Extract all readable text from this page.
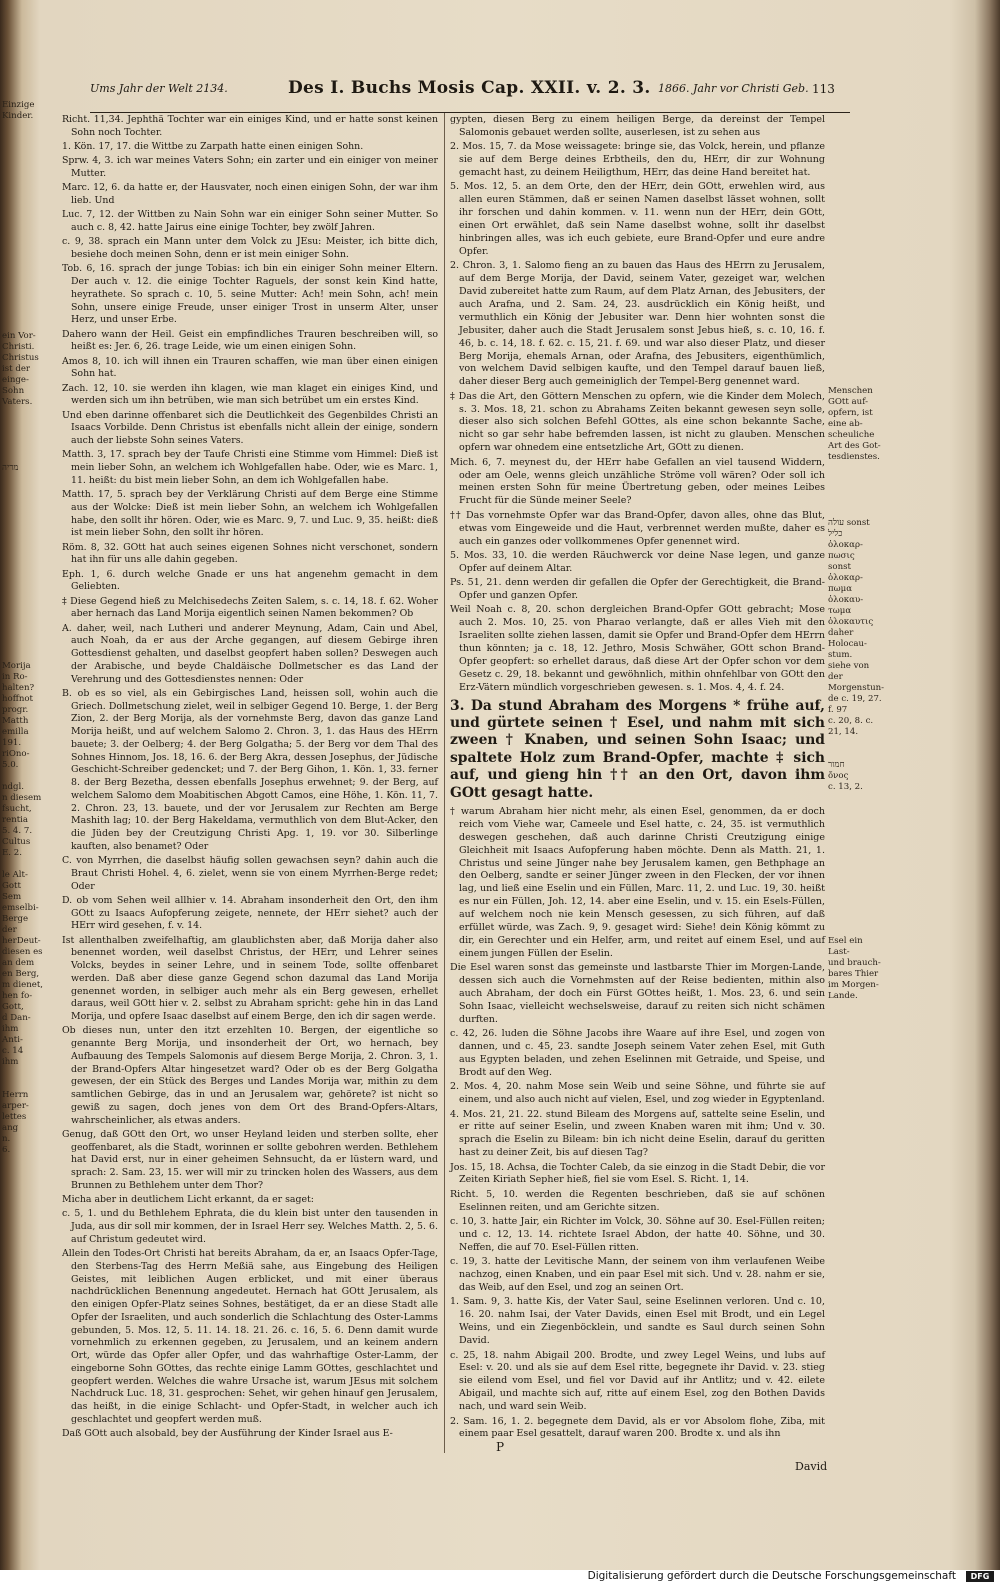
Ums Jahr der Welt 2134.	Des I. Buchs Mosis Cap. XXII. v. 2. 3. 1866. Jahr vor Christi Geb. 113
Einzige
Kinder.
ein Vor-
Christi.
Christus
ist der
einge-
Sohn
Vaters.
מריה
Morija
in Ro-
halten?
hoffnot
progr.
Matth
emilla
191.
riOno-
5.0.
ndgl.
n diesem
fsucht,
rentia
5. 4. 7.
Cultus
E. 2.
le Alt-
Gott
Sem
emselbi-
Berge
der
herDeut-
diesen es
an dem
en Berg,
m dienet,
hen fo-
Gott,
d Dan-
ihm
Anti-
c. 14
ihm
Herrn
arper-
lettes
ang
n.
6.

Richt. 11,34. Jephthä Tochter war ein einiges Kind, und er hatte sonst keinen Sohn noch Tochter.

1. Kön. 17, 17. die Wittbe zu Zarpath hatte einen einigen Sohn.

Sprw. 4, 3. ich war meines Vaters Sohn; ein zarter und ein einiger von meiner Mutter.

Marc. 12, 6. da hatte er, der Hausvater, noch einen einigen Sohn, der war ihm lieb. Und

Luc. 7, 12. der Wittben zu Nain Sohn war ein einiger Sohn seiner Mutter. So auch c. 8, 42. hatte Jairus eine einige Tochter, bey zwölf Jahren.

c. 9, 38. sprach ein Mann unter dem Volck zu JEsu: Meister, ich bitte dich, besiehe doch meinen Sohn, denn er ist mein einiger Sohn.

Tob. 6, 16. sprach der junge Tobias: ich bin ein einiger Sohn meiner Eltern. Der auch v. 12. die einige Tochter Raguels, der sonst kein Kind hatte, heyrathete. So sprach c. 10, 5. seine Mutter: Ach! mein Sohn, ach! mein Sohn, unsere einige Freude, unser einiger Trost in unserm Alter, unser Herz, und unser Erbe.

Dahero wann der Heil. Geist ein empfindliches Trauren beschreiben will, so heißt es: Jer. 6, 26. trage Leide, wie um einen einigen Sohn.

Amos 8, 10. ich will ihnen ein Trauren schaffen, wie man über einen einigen Sohn hat.

Zach. 12, 10. sie werden ihn klagen, wie man klaget ein einiges Kind, und werden sich um ihn betrüben, wie man sich betrübet um ein erstes Kind.

Und eben darinne offenbaret sich die Deutlichkeit des Gegenbildes Christi an Isaacs Vorbilde. Denn Christus ist ebenfalls nicht allein der einige, sondern auch der liebste Sohn seines Vaters.

Matth. 3, 17. sprach bey der Taufe Christi eine Stimme vom Himmel: Dieß ist mein lieber Sohn, an welchem ich Wohlgefallen habe. Oder, wie es Marc. 1, 11. heißt: du bist mein lieber Sohn, an dem ich Wohlgefallen habe.

Matth. 17, 5. sprach bey der Verklärung Christi auf dem Berge eine Stimme aus der Wolcke: Dieß ist mein lieber Sohn, an welchem ich Wohlgefallen habe, den sollt ihr hören. Oder, wie es Marc. 9, 7. und Luc. 9, 35. heißt: dieß ist mein lieber Sohn, den sollt ihr hören.

Röm. 8, 32. GOtt hat auch seines eigenen Sohnes nicht verschonet, sondern hat ihn für uns alle dahin gegeben.

Eph. 1, 6. durch welche Gnade er uns hat angenehm gemacht in dem Geliebten.

‡ Diese Gegend hieß zu Melchisedechs Zeiten Salem, s. c. 14, 18. f. 62. Woher aber hernach das Land Morija eigentlich seinen Namen bekommen? Ob

A. daher, weil, nach Lutheri und anderer Meynung, Adam, Cain und Abel, auch Noah, da er aus der Arche gegangen, auf diesem Gebirge ihren Gottesdienst gehalten, und daselbst geopfert haben sollen? Deswegen auch der Arabische, und beyde Chaldäische Dollmetscher es das Land der Verehrung und des Gottesdienstes nennen: Oder

B. ob es so viel, als ein Gebirgisches Land, heissen soll, wohin auch die Griech. Dollmetschung zielet, weil in selbiger Gegend 10. Berge, 1. der Berg Zion, 2. der Berg Morija, als der vornehmste Berg, davon das ganze Land Morija heißt, und auf welchem Salomo 2. Chron. 3, 1. das Haus des HErrn bauete; 3. der Oelberg; 4. der Berg Golgatha; 5. der Berg vor dem Thal des Sohnes Hinnom, Jos. 18, 16. 6. der Berg Akra, dessen Josephus, der Jüdische Geschicht-Schreiber gedencket; und 7. der Berg Gihon, 1. Kön. 1, 33. ferner 8. der Berg Bezetha, dessen ebenfalls Josephus erwehnet; 9. der Berg, auf welchem Salomo dem Moabitischen Abgott Camos, eine Höhe, 1. Kön. 11, 7. 2. Chron. 23, 13. bauete, und der vor Jerusalem zur Rechten am Berge Mashith lag; 10. der Berg Hakeldama, vermuthlich von dem Blut-Acker, den die Jüden bey der Creutzigung Christi Apg. 1, 19. vor 30. Silberlinge kauften, also benamet? Oder

C. von Myrrhen, die daselbst häufig sollen gewachsen seyn? dahin auch die Braut Christi Hohel. 4, 6. zielet, wenn sie von einem Myrrhen-Berge redet; Oder

D. ob vom Sehen weil allhier v. 14. Abraham insonderheit den Ort, den ihm GOtt zu Isaacs Aufopferung zeigete, nennete, der HErr siehet? auch der HErr wird gesehen, f. v. 14.

Ist allenthalben zweifelhaftig, am glaublichsten aber, daß Morija daher also benennet worden, weil daselbst Christus, der HErr, und Lehrer seines Volcks, beydes in seiner Lehre, und in seinem Tode, sollte offenbaret werden. Daß aber diese ganze Gegend schon dazumal das Land Morija genennet worden, in selbiger auch mehr als ein Berg gewesen, erhellet daraus, weil GOtt hier v. 2. selbst zu Abraham spricht: gehe hin in das Land Morija, und opfere Isaac daselbst auf einem Berge, den ich dir sagen werde.

Ob dieses nun, unter den itzt erzehlten 10. Bergen, der eigentliche so genannte Berg Morija, und insonderheit der Ort, wo hernach, bey Aufbauung des Tempels Salomonis auf diesem Berge Morija, 2. Chron. 3, 1. der Brand-Opfers Altar hingesetzet ward? Oder ob es der Berg Golgatha gewesen, der ein Stück des Berges und Landes Morija war, mithin zu dem samtlichen Gebirge, das in und an Jerusalem war, gehörete? ist nicht so gewiß zu sagen, doch jenes von dem Ort des Brand-Opfers-Altars, wahrscheinlicher, als etwas anders.

Genug, daß GOtt den Ort, wo unser Heyland leiden und sterben sollte, eher geoffenbaret, als die Stadt, worinnen er sollte gebohren werden. Bethlehem hat David erst, nur in einer geheimen Sehnsucht, da er lüstern ward, und sprach: 2. Sam. 23, 15. wer will mir zu trincken holen des Wassers, aus dem Brunnen zu Bethlehem unter dem Thor?

Micha aber in deutlichem Licht erkannt, da er saget:

c. 5, 1. und du Bethlehem Ephrata, die du klein bist unter den tausenden in Juda, aus dir soll mir kommen, der in Israel Herr sey. Welches Matth. 2, 5. 6. auf Christum gedeutet wird.

Allein den Todes-Ort Christi hat bereits Abraham, da er, an Isaacs Opfer-Tage, den Sterbens-Tag des Herrn Meßiä sahe, aus Eingebung des Heiligen Geistes, mit leiblichen Augen erblicket, und mit einer überaus nachdrücklichen Benennung angedeutet. Hernach hat GOtt Jerusalem, als den einigen Opfer-Platz seines Sohnes, bestätiget, da er an diese Stadt alle Opfer der Israeliten, und auch sonderlich die Schlachtung des Oster-Lamms gebunden, 5. Mos. 12, 5. 11. 14. 18. 21. 26. c. 16, 5. 6. Denn damit wurde vornehmlich zu erkennen gegeben, zu Jerusalem, und an keinem andern Ort, würde das Opfer aller Opfer, und das wahrhaftige Oster-Lamm, der eingeborne Sohn GOttes, das rechte einige Lamm GOttes, geschlachtet und geopfert werden. Welches die wahre Ursache ist, warum JEsus mit solchem Nachdruck Luc. 18, 31. gesprochen: Sehet, wir gehen hinauf gen Jerusalem, das heißt, in die einige Schlacht- und Opfer-Stadt, in welcher auch ich geschlachtet und geopfert werden muß.

Daß GOtt auch alsobald, bey der Ausführung der Kinder Israel aus E-

gypten, diesen Berg zu einem heiligen Berge, da dereinst der Tempel Salomonis gebauet werden sollte, auserlesen, ist zu sehen aus

2. Mos. 15, 7. da Mose weissagete: bringe sie, das Volck, herein, und pflanze sie auf dem Berge deines Erbtheils, den du, HErr, dir zur Wohnung gemacht hast, zu deinem Heiligthum, HErr, das deine Hand bereitet hat.

5. Mos. 12, 5. an dem Orte, den der HErr, dein GOtt, erwehlen wird, aus allen euren Stämmen, daß er seinen Namen daselbst lässet wohnen, sollt ihr forschen und dahin kommen. v. 11. wenn nun der HErr, dein GOtt, einen Ort erwählet, daß sein Name daselbst wohne, sollt ihr daselbst hinbringen alles, was ich euch gebiete, eure Brand-Opfer und eure andre Opfer.

2. Chron. 3, 1. Salomo fieng an zu bauen das Haus des HErrn zu Jerusalem, auf dem Berge Morija, der David, seinem Vater, gezeiget war, welchen David zubereitet hatte zum Raum, auf dem Platz Arnan, des Jebusiters, der auch Arafna, und 2. Sam. 24, 23. ausdrücklich ein König heißt, und vermuthlich ein König der Jebusiter war. Denn hier wohnten sonst die Jebusiter, daher auch die Stadt Jerusalem sonst Jebus hieß, s. c. 10, 16. f. 46, b. c. 14, 18. f. 62. c. 15, 21. f. 69. und war also dieser Platz, und dieser Berg Morija, ehemals Arnan, oder Arafna, des Jebusiters, eigenthümlich, von welchem David selbigen kaufte, und den Tempel darauf bauen ließ, daher dieser Berg auch gemeiniglich der Tempel-Berg genennet ward.

‡ Das die Art, den Göttern Menschen zu opfern, wie die Kinder dem Molech, s. 3. Mos. 18, 21. schon zu Abrahams Zeiten bekannt gewesen seyn solle, dieser also sich solchen Befehl GOttes, als eine schon bekannte Sache, nicht so gar sehr habe befremden lassen, ist nicht zu glauben. Menschen opfern war ohnedem eine entsetzliche Art, GOtt zu dienen.

Mich. 6, 7. meynest du, der HErr habe Gefallen an viel tausend Widdern, oder am Oele, wenns gleich unzähliche Ströme voll wären? Oder soll ich meinen ersten Sohn für meine Übertretung geben, oder meines Leibes Frucht für die Sünde meiner Seele?

†† Das vornehmste Opfer war das Brand-Opfer, davon alles, ohne das Blut, etwas vom Eingeweide und die Haut, verbrennet werden mußte, daher es auch ein ganzes oder vollkommenes Opfer genennet wird.

5. Mos. 33, 10. die werden Räuchwerck vor deine Nase legen, und ganze Opfer auf deinem Altar.

Ps. 51, 21. denn werden dir gefallen die Opfer der Gerechtigkeit, die Brand-Opfer und ganzen Opfer.

Weil Noah c. 8, 20. schon dergleichen Brand-Opfer GOtt gebracht; Mose auch 2. Mos. 10, 25. von Pharao verlangte, daß er alles Vieh mit den Israeliten sollte ziehen lassen, damit sie Opfer und Brand-Opfer dem HErrn thun könnten; ja c. 18, 12. Jethro, Mosis Schwäher, GOtt schon Brand-Opfer geopfert: so erhellet daraus, daß diese Art der Opfer schon vor dem Gesetz c. 29, 18. bekannt und gewöhnlich, mithin ohnfehlbar von GOtt den Erz-Vätern mündlich vorgeschrieben gewesen. s. 1. Mos. 4, 4. f. 24.

3. Da stund Abraham des Morgens * frühe auf, und gürtete seinen † Esel, und nahm mit sich zween † Knaben, und seinen Sohn Isaac; und spaltete Holz zum Brand-Opfer, machte ‡ sich auf, und gieng hin †† an den Ort, davon ihm GOtt gesagt hatte.

† warum Abraham hier nicht mehr, als einen Esel, genommen, da er doch reich vom Viehe war, Cameele und Esel hatte, c. 24, 35. ist vermuthlich deswegen geschehen, daß auch darinne Christi Creutzigung einige Gleichheit mit Isaacs Aufopferung haben möchte. Denn als Matth. 21, 1. Christus und seine Jünger nahe bey Jerusalem kamen, gen Bethphage an den Oelberg, sandte er seiner Jünger zween in den Flecken, der vor ihnen lag, und ließ eine Eselin und ein Füllen, Marc. 11, 2. und Luc. 19, 30. heißt es nur ein Füllen, Joh. 12, 14. aber eine Eselin, und v. 15. ein Esels-Füllen, auf welchem noch nie kein Mensch gesessen, zu sich führen, auf daß erfüllet würde, was Zach. 9, 9. gesaget wird: Siehe! dein König kömmt zu dir, ein Gerechter und ein Helfer, arm, und reitet auf einem Esel, und auf einem jungen Füllen der Eselin.

Die Esel waren sonst das gemeinste und lastbarste Thier im Morgen-Lande, dessen sich auch die Vornehmsten auf der Reise bedienten, mithin also auch Abraham, der doch ein Fürst GOttes heißt, 1. Mos. 23, 6. und sein Sohn Isaac, vielleicht wechselsweise, darauf zu reiten sich nicht schämen durften.

c. 42, 26. luden die Söhne Jacobs ihre Waare auf ihre Esel, und zogen von dannen, und c. 45, 23. sandte Joseph seinem Vater zehen Esel, mit Guth aus Egypten beladen, und zehen Eselinnen mit Getraide, und Speise, und Brodt auf den Weg.

2. Mos. 4, 20. nahm Mose sein Weib und seine Söhne, und führte sie auf einem, und also auch nicht auf vielen, Esel, und zog wieder in Egyptenland.

4. Mos. 21, 21. 22. stund Bileam des Morgens auf, sattelte seine Eselin, und er ritte auf seiner Eselin, und zween Knaben waren mit ihm; Und v. 30. sprach die Eselin zu Bileam: bin ich nicht deine Eselin, darauf du geritten hast zu deiner Zeit, bis auf diesen Tag?

Jos. 15, 18. Achsa, die Tochter Caleb, da sie einzog in die Stadt Debir, die vor Zeiten Kiriath Sepher hieß, fiel sie vom Esel. S. Richt. 1, 14.

Richt. 5, 10. werden die Regenten beschrieben, daß sie auf schönen Eselinnen reiten, und am Gerichte sitzen.

c. 10, 3. hatte Jair, ein Richter im Volck, 30. Söhne auf 30. Esel-Füllen reiten; und c. 12, 13. 14. richtete Israel Abdon, der hatte 40. Söhne, und 30. Neffen, die auf 70. Esel-Füllen ritten.

c. 19, 3. hatte der Levitische Mann, der seinem von ihm verlaufenen Weibe nachzog, einen Knaben, und ein paar Esel mit sich. Und v. 28. nahm er sie, das Weib, auf den Esel, und zog an seinen Ort.

1. Sam. 9, 3. hatte Kis, der Vater Saul, seine Eselinnen verloren. Und c. 10, 16. 20. nahm Isai, der Vater Davids, einen Esel mit Brodt, und ein Legel Weins, und ein Ziegenböcklein, und sandte es Saul durch seinen Sohn David.

c. 25, 18. nahm Abigail 200. Brodte, und zwey Legel Weins, und lubs auf Esel: v. 20. und als sie auf dem Esel ritte, begegnete ihr David. v. 23. stieg sie eilend vom Esel, und fiel vor David auf ihr Antlitz; und v. 42. eilete Abigail, und machte sich auf, ritte auf einem Esel, zog den Bothen Davids nach, und ward sein Weib.

2. Sam. 16, 1. 2. begegnete dem David, als er vor Absolom flohe, Ziba, mit einem paar Esel gesattelt, darauf waren 200. Brodte x. und als ihn

Menschen
GOtt auf-
opfern, ist
eine ab-
scheuliche
Art des Got-
tesdienstes.
עולה sonst
כליל
ὁλοκαρ-
πωσις
sonst
ὁλοκαρ-
πωμα
ὁλοκαυ-
τωμα
ὁλοκαυτις
daher
Holocau-
stum.
siehe von der
Morgenstun-
de c. 19, 27. f. 97
c. 20, 8. c. 21, 14.
חמור
ὄνος
c. 13, 2.
Esel ein Last-
und brauch-
bares Thier
im Morgen-
Lande.
P
David
Digitalisierung gefördert durch die Deutsche Forschungsgemeinschaft	DFG
